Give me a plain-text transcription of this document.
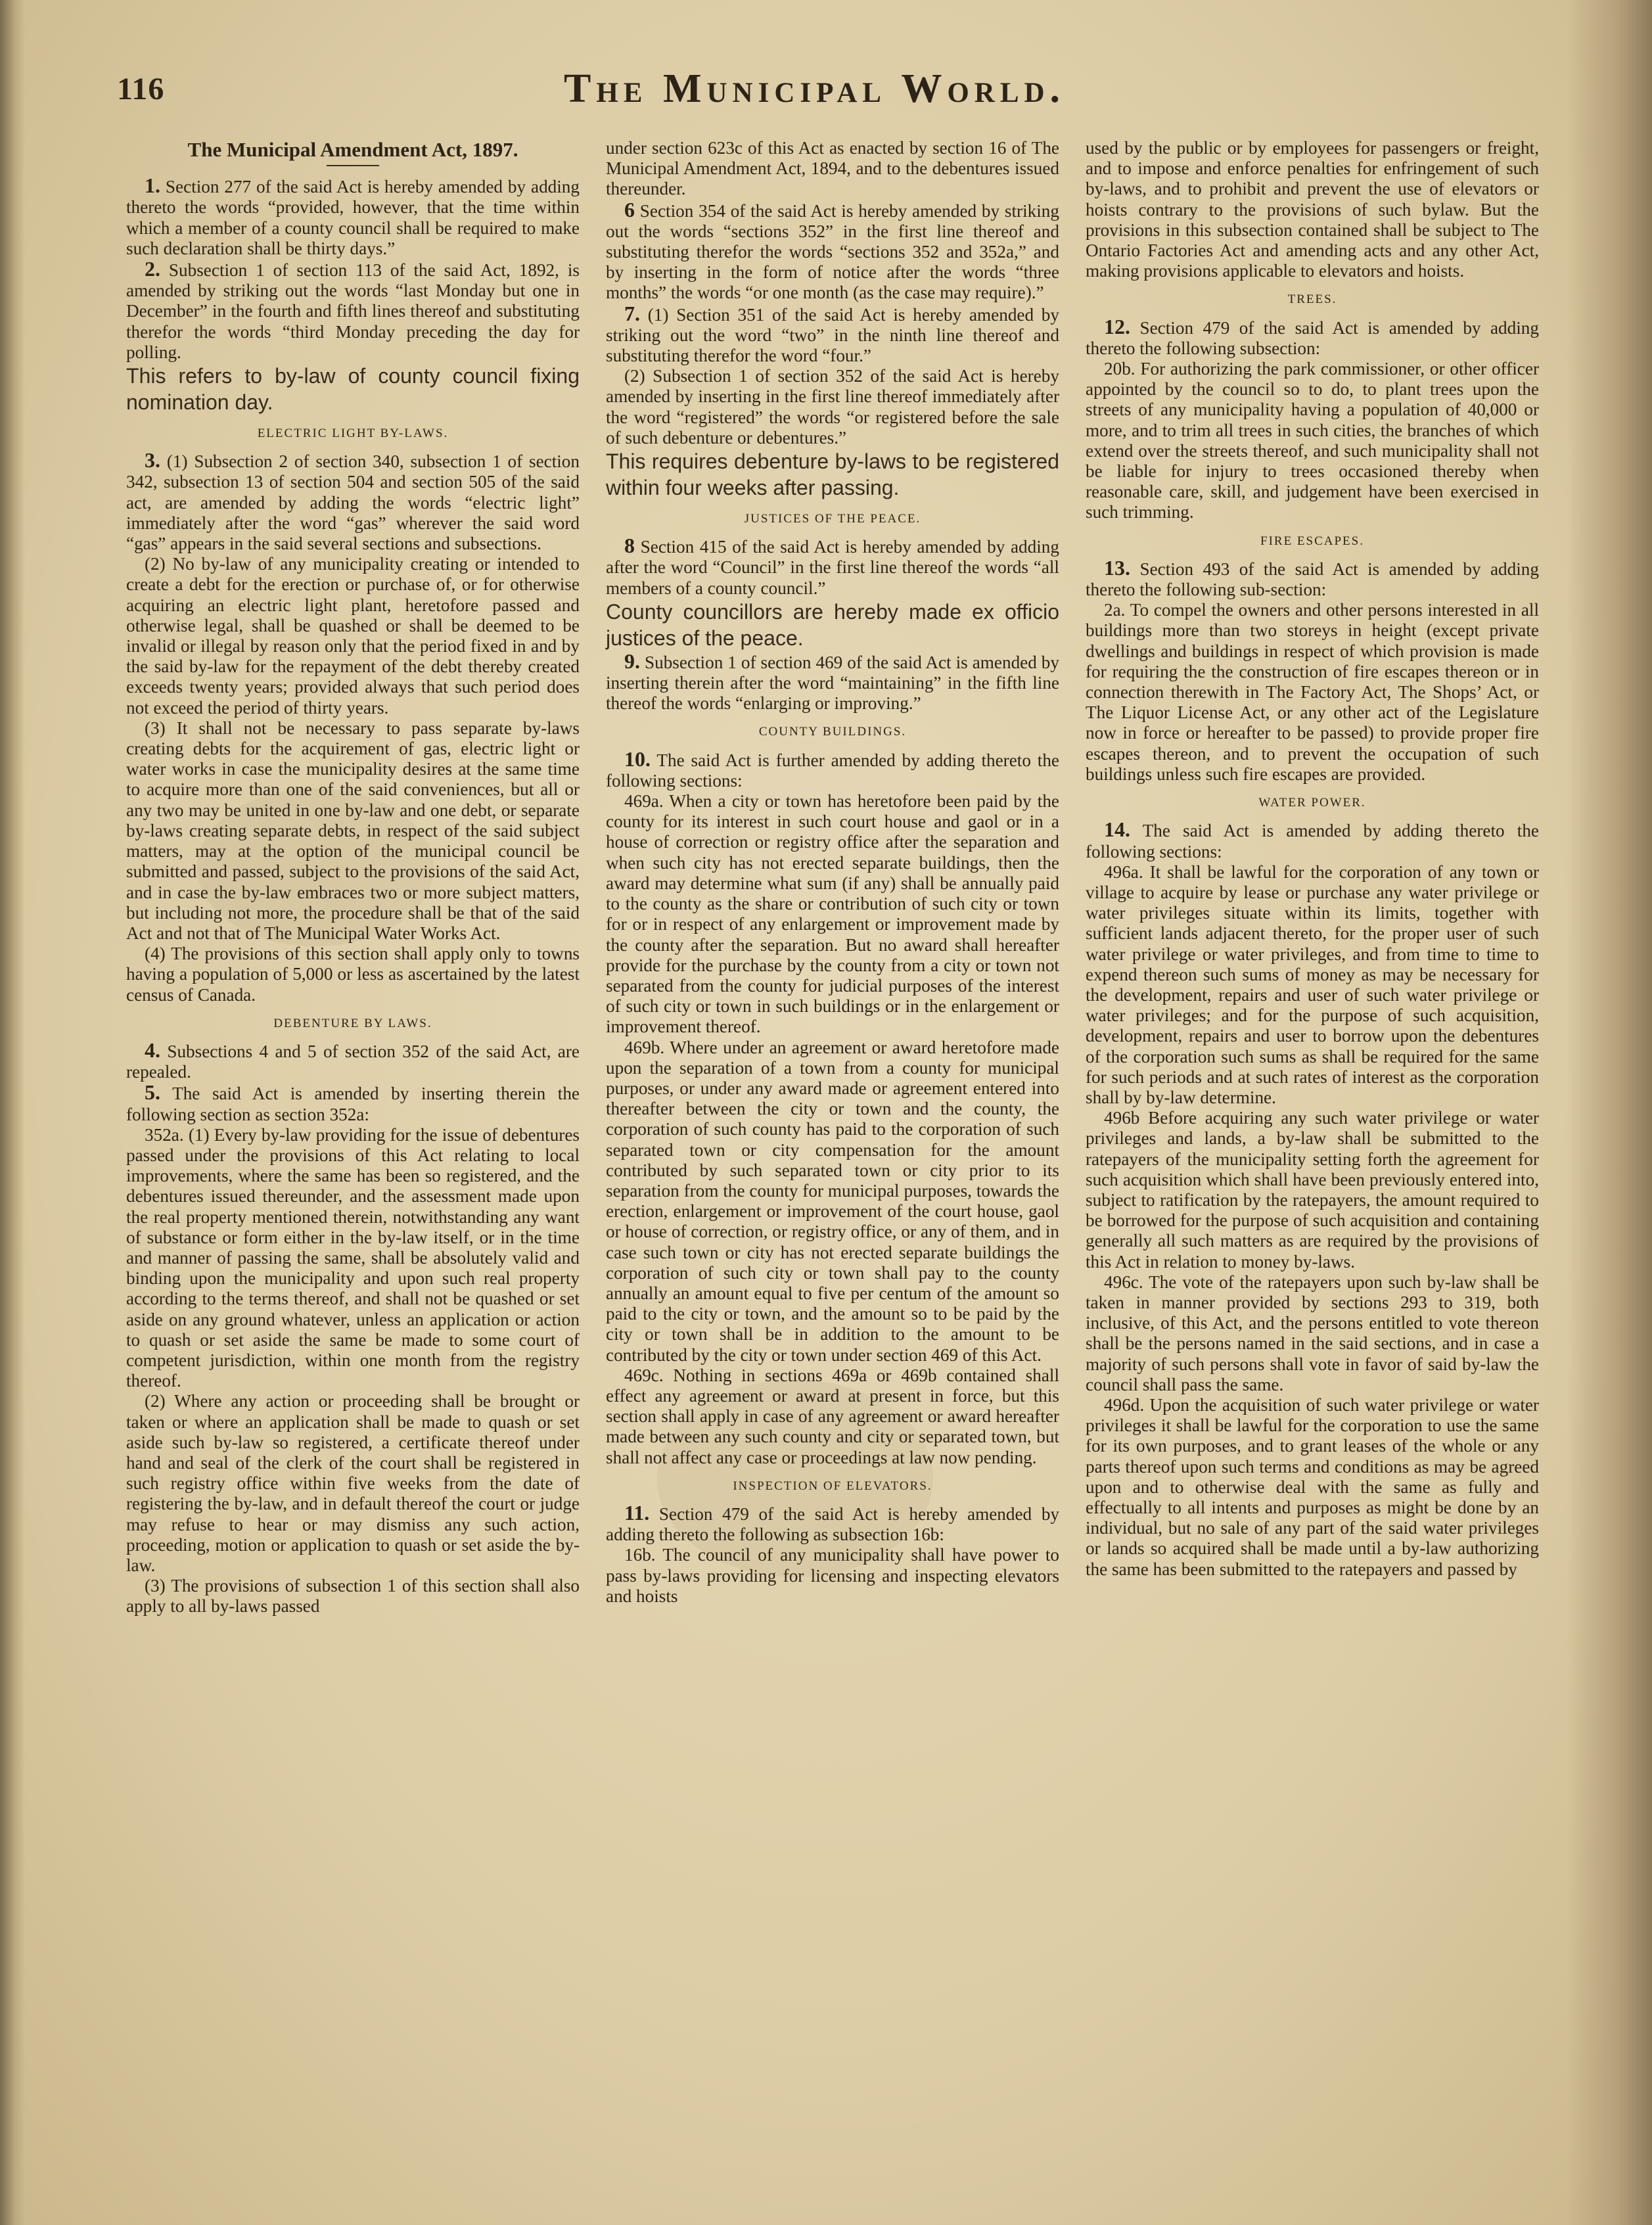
116	The Municipal World.
The Municipal Amendment Act, 1897.

1. Section 277 of the said Act is hereby amended by adding thereto the words “provided, however, that the time within which a member of a county council shall be required to make such declaration shall be thirty days.”

2. Subsection 1 of section 113 of the said Act, 1892, is amended by striking out the words “last Monday but one in December” in the fourth and fifth lines thereof and substituting therefor the words “third Monday preceding the day for polling.

This refers to by-law of county council fixing nomination day.

ELECTRIC LIGHT BY-LAWS.

3. (1) Subsection 2 of section 340, subsection 1 of section 342, subsection 13 of section 504 and section 505 of the said act, are amended by adding the words “electric light” immediately after the word “gas” wherever the said word “gas” appears in the said several sections and subsections.

(2) No by-law of any municipality creating or intended to create a debt for the erection or purchase of, or for otherwise acquiring an electric light plant, heretofore passed and otherwise legal, shall be quashed or shall be deemed to be invalid or illegal by reason only that the period fixed in and by the said by-law for the repayment of the debt thereby created exceeds twenty years; provided always that such period does not exceed the period of thirty years.

(3) It shall not be necessary to pass separate by-laws creating debts for the acquirement of gas, electric light or water works in case the municipality desires at the same time to acquire more than one of the said conveniences, but all or any two may be united in one by-law and one debt, or separate by-laws creating separate debts, in respect of the said subject matters, may at the option of the municipal council be submitted and passed, subject to the provisions of the said Act, and in case the by-law embraces two or more subject matters, but including not more, the procedure shall be that of the said Act and not that of The Municipal Water Works Act.

(4) The provisions of this section shall apply only to towns having a population of 5,000 or less as ascertained by the latest census of Canada.

DEBENTURE BY LAWS.

4. Subsections 4 and 5 of section 352 of the said Act, are repealed.

5. The said Act is amended by inserting therein the following section as section 352a:

352a. (1) Every by-law providing for the issue of debentures passed under the provisions of this Act relating to local improvements, where the same has been so registered, and the debentures issued thereunder, and the assessment made upon the real property mentioned therein, notwithstanding any want of substance or form either in the by-law itself, or in the time and manner of passing the same, shall be absolutely valid and binding upon the municipality and upon such real property according to the terms thereof, and shall not be quashed or set aside on any ground whatever, unless an application or action to quash or set aside the same be made to some court of competent jurisdiction, within one month from the registry thereof.

(2) Where any action or proceeding shall be brought or taken or where an application shall be made to quash or set aside such by-law so registered, a certificate thereof under hand and seal of the clerk of the court shall be registered in such registry office within five weeks from the date of registering the by-law, and in default thereof the court or judge may refuse to hear or may dismiss any such action, proceeding, motion or application to quash or set aside the by-law.

(3) The provisions of subsection 1 of this section shall also apply to all by-laws passed

under section 623c of this Act as enacted by section 16 of The Municipal Amendment Act, 1894, and to the debentures issued thereunder.

6 Section 354 of the said Act is hereby amended by striking out the words “sections 352” in the first line thereof and substituting therefor the words “sections 352 and 352a,” and by inserting in the form of notice after the words “three months” the words “or one month (as the case may require).”

7. (1) Section 351 of the said Act is hereby amended by striking out the word “two” in the ninth line thereof and substituting therefor the word “four.”

(2) Subsection 1 of section 352 of the said Act is hereby amended by inserting in the first line thereof immediately after the word “registered” the words “or registered before the sale of such debenture or debentures.”

This requires debenture by-laws to be registered within four weeks after passing.

JUSTICES OF THE PEACE.

8 Section 415 of the said Act is hereby amended by adding after the word “Council” in the first line thereof the words “all members of a county council.”

County councillors are hereby made ex officio justices of the peace.

9. Subsection 1 of section 469 of the said Act is amended by inserting therein after the word “maintaining” in the fifth line thereof the words “enlarging or improving.”

COUNTY BUILDINGS.

10. The said Act is further amended by adding thereto the following sections:

469a. When a city or town has heretofore been paid by the county for its interest in such court house and gaol or in a house of correction or registry office after the separation and when such city has not erected separate buildings, then the award may determine what sum (if any) shall be annually paid to the county as the share or contribution of such city or town for or in respect of any enlargement or improvement made by the county after the separation. But no award shall hereafter provide for the purchase by the county from a city or town not separated from the county for judicial purposes of the interest of such city or town in such buildings or in the enlargement or improvement thereof.

469b. Where under an agreement or award heretofore made upon the separation of a town from a county for municipal purposes, or under any award made or agreement entered into thereafter between the city or town and the county, the corporation of such county has paid to the corporation of such separated town or city compensation for the amount contributed by such separated town or city prior to its separation from the county for municipal purposes, towards the erection, enlargement or improvement of the court house, gaol or house of correction, or registry office, or any of them, and in case such town or city has not erected separate buildings the corporation of such city or town shall pay to the county annually an amount equal to five per centum of the amount so paid to the city or town, and the amount so to be paid by the city or town shall be in addition to the amount to be contributed by the city or town under section 469 of this Act.

469c. Nothing in sections 469a or 469b contained shall effect any agreement or award at present in force, but this section shall apply in case of any agreement or award hereafter made between any such county and city or separated town, but shall not affect any case or proceedings at law now pending.

INSPECTION OF ELEVATORS.

11. Section 479 of the said Act is hereby amended by adding thereto the following as subsection 16b:

16b. The council of any municipality shall have power to pass by-laws providing for licensing and inspecting elevators and hoists

used by the public or by employees for passengers or freight, and to impose and enforce penalties for enfringement of such by-laws, and to prohibit and prevent the use of elevators or hoists contrary to the provisions of such bylaw. But the provisions in this subsection contained shall be subject to The Ontario Factories Act and amending acts and any other Act, making provisions applicable to elevators and hoists.

TREES.

12. Section 479 of the said Act is amended by adding thereto the following subsection:

20b. For authorizing the park commissioner, or other officer appointed by the council so to do, to plant trees upon the streets of any municipality having a population of 40,000 or more, and to trim all trees in such cities, the branches of which extend over the streets thereof, and such municipality shall not be liable for injury to trees occasioned thereby when reasonable care, skill, and judgement have been exercised in such trimming.

FIRE ESCAPES.

13. Section 493 of the said Act is amended by adding thereto the following sub-section:

2a. To compel the owners and other persons interested in all buildings more than two storeys in height (except private dwellings and buildings in respect of which provision is made for requiring the the construction of fire escapes thereon or in connection therewith in The Factory Act, The Shops’ Act, or The Liquor License Act, or any other act of the Legislature now in force or hereafter to be passed) to provide proper fire escapes thereon, and to prevent the occupation of such buildings unless such fire escapes are provided.

WATER POWER.

14. The said Act is amended by adding thereto the following sections:

496a. It shall be lawful for the corporation of any town or village to acquire by lease or purchase any water privilege or water privileges situate within its limits, together with sufficient lands adjacent thereto, for the proper user of such water privilege or water privileges, and from time to time to expend thereon such sums of money as may be necessary for the development, repairs and user of such water privilege or water privileges; and for the purpose of such acquisition, development, repairs and user to borrow upon the debentures of the corporation such sums as shall be required for the same for such periods and at such rates of interest as the corporation shall by by-law determine.

496b Before acquiring any such water privilege or water privileges and lands, a by-law shall be submitted to the ratepayers of the municipality setting forth the agreement for such acquisition which shall have been previously entered into, subject to ratification by the ratepayers, the amount required to be borrowed for the purpose of such acquisition and containing generally all such matters as are required by the provisions of this Act in relation to money by-laws.

496c. The vote of the ratepayers upon such by-law shall be taken in manner provided by sections 293 to 319, both inclusive, of this Act, and the persons entitled to vote thereon shall be the persons named in the said sections, and in case a majority of such persons shall vote in favor of said by-law the council shall pass the same.

496d. Upon the acquisition of such water privilege or water privileges it shall be lawful for the corporation to use the same for its own purposes, and to grant leases of the whole or any parts thereof upon such terms and conditions as may be agreed upon and to otherwise deal with the same as fully and effectually to all intents and purposes as might be done by an individual, but no sale of any part of the said water privileges or lands so acquired shall be made until a by-law authorizing the same has been submitted to the ratepayers and passed by
